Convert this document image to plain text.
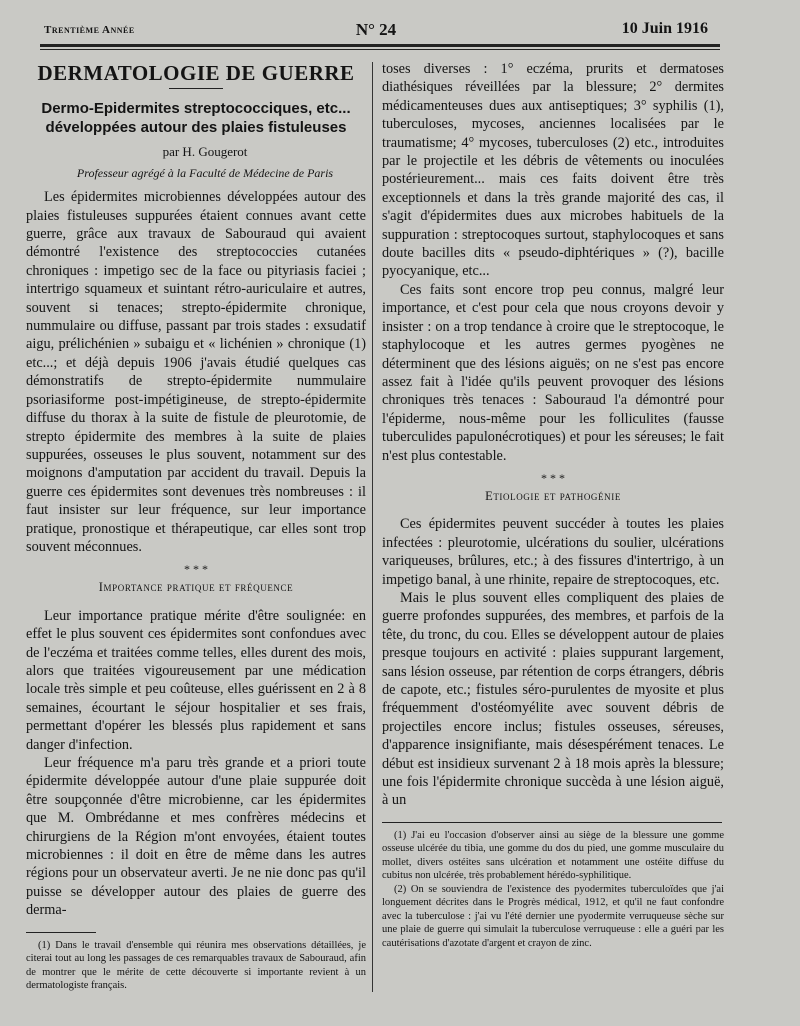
Trentième Année	N° 24	10 Juin 1916
DERMATOLOGIE DE GUERRE
Dermo-Epidermites streptococciques, etc...
développées autour des plaies fistuleuses

par H. Gougerot

Professeur agrégé à la Faculté de Médecine de Paris

Les épidermites microbiennes développées autour des plaies fistuleuses suppurées étaient connues avant cette guerre, grâce aux travaux de Sabouraud qui avaient démontré l'existence des streptococcies cutanées chroniques : impetigo sec de la face ou pityriasis faciei ; intertrigo squameux et suintant rétro-auriculaire et autres, souvent si tenaces; strepto-épidermite chronique, nummulaire ou diffuse, passant par trois stades : exsudatif aigu, prélichénien » subaigu et « lichénien » chronique (1) etc...; et déjà depuis 1906 j'avais étudié quelques cas démonstratifs de strepto-épidermite nummulaire psoriasiforme post-impétigineuse, de strepto-épidermite diffuse du thorax à la suite de fistule de pleurotomie, de strepto épidermite des membres à la suite de plaies suppurées, osseuses le plus souvent, notamment sur des moignons d'amputation par accident du travail. Depuis la guerre ces épidermites sont devenues très nombreuses : il faut insister sur leur fréquence, sur leur importance pratique, pronostique et thérapeutique, car elles sont trop souvent méconnues.

* * *
Importance pratique et fréquence

Leur importance pratique mérite d'être soulignée: en effet le plus souvent ces épidermites sont confondues avec de l'eczéma et traitées comme telles, elles durent des mois, alors que traitées vigoureusement par une médication locale très simple et peu coûteuse, elles guérissent en 2 à 8 semaines, écourtant le séjour hospitalier et ses frais, permettant d'opérer les blessés plus rapidement et sans danger d'infection.

Leur fréquence m'a paru très grande et a priori toute épidermite développée autour d'une plaie suppurée doit être soupçonnée d'être microbienne, car les épidermites que M. Ombrédanne et mes confrères médecins et chirurgiens de la Région m'ont envoyées, étaient toutes microbiennes : il doit en être de même dans les autres régions pour un observateur averti. Je ne nie donc pas qu'il puisse se développer autour des plaies de guerre des derma-

(1) Dans le travail d'ensemble qui réunira mes observations détaillées, je citerai tout au long les passages de ces remarquables travaux de Sabouraud, afin de montrer que le mérite de cette découverte si importante revient à un dermatologiste français.

toses diverses : 1° eczéma, prurits et dermatoses diathésiques réveillées par la blessure; 2° dermites médicamenteuses dues aux antiseptiques; 3° syphilis (1), tuberculoses, mycoses, anciennes localisées par le traumatisme; 4° mycoses, tuberculoses (2) etc., introduites par le projectile et les débris de vêtements ou inoculées postérieurement... mais ces faits doivent être très exceptionnels et dans la très grande majorité des cas, il s'agit d'épidermites dues aux microbes habituels de la suppuration : streptocoques surtout, staphylocoques et sans doute bacilles dits « pseudo-diphtériques » (?), bacille pyocyanique, etc...

Ces faits sont encore trop peu connus, malgré leur importance, et c'est pour cela que nous croyons devoir y insister : on a trop tendance à croire que le streptocoque, le staphylocoque et les autres germes pyogènes ne déterminent que des lésions aiguës; on ne s'est pas encore assez fait à l'idée qu'ils peuvent provoquer des lésions chroniques très tenaces : Sabouraud l'a démontré pour l'épiderme, nous-même pour les folliculites (fausse tuberculides papulonécrotiques) et pour les séreuses; le fait n'est plus contestable.

* * *
Etiologie et pathogénie

Ces épidermites peuvent succéder à toutes les plaies infectées : pleurotomie, ulcérations du soulier, ulcérations variqueuses, brûlures, etc.; à des fissures d'intertrigo, à un impetigo banal, à une rhinite, repaire de streptocoques, etc.

Mais le plus souvent elles compliquent des plaies de guerre profondes suppurées, des membres, et parfois de la tête, du tronc, du cou. Elles se développent autour de plaies presque toujours en activité : plaies suppurant largement, sans lésion osseuse, par rétention de corps étrangers, débris de capote, etc.; fistules séro-purulentes de myosite et plus fréquemment d'ostéomyélite avec souvent débris de projectiles encore inclus; fistules osseuses, séreuses, d'apparence insignifiante, mais désespérément tenaces. Le début est insidieux survenant 2 à 18 mois après la blessure; une fois l'épidermite chronique succèda à une lésion aiguë, à un

(1) J'ai eu l'occasion d'observer ainsi au siège de la blessure une gomme osseuse ulcérée du tibia, une gomme du dos du pied, une gomme musculaire du mollet, divers ostéites sans ulcération et notamment une ostéite diffuse du cubitus non ulcérée, très probablement hérédo-syphilitique.

(2) On se souviendra de l'existence des pyodermites tuberculoïdes que j'ai longuement décrites dans le Progrès médical, 1912, et qu'il ne faut confondre avec la tuberculose : j'ai vu l'été dernier une pyodermite verruqueuse sèche sur une plaie de guerre qui simulait la tuberculose verruqueuse : elle a guéri par les cautérisations d'azotate d'argent et crayon de zinc.
